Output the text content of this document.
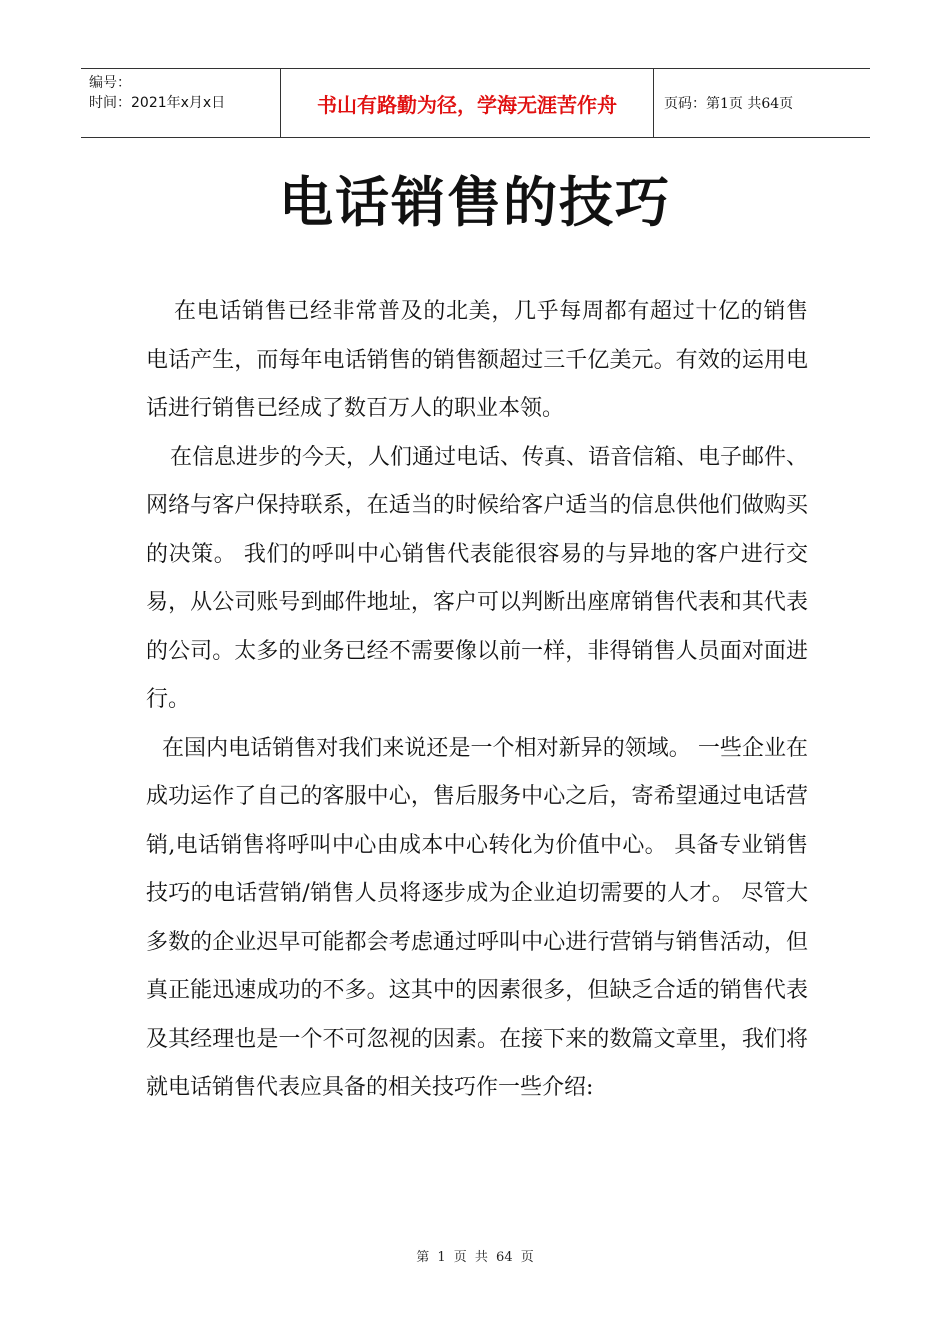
编号：
时间：2021年x月x日	书山有路勤为径，学海无涯苦作舟	页码：第1页 共64页
电话销售的技巧

在电话销售已经非常普及的北美，几乎每周都有超过十亿的销售电话产生，而每年电话销售的销售额超过三千亿美元。有效的运用电话进行销售已经成了数百万人的职业本领。

在信息进步的今天，人们通过电话、传真、语音信箱、电子邮件、网络与客户保持联系，在适当的时候给客户适当的信息供他们做购买的决策。 我们的呼叫中心销售代表能很容易的与异地的客户进行交易，从公司账号到邮件地址，客户可以判断出座席销售代表和其代表的公司。太多的业务已经不需要像以前一样，非得销售人员面对面进行。

在国内电话销售对我们来说还是一个相对新异的领域。 一些企业在成功运作了自己的客服中心，售后服务中心之后，寄希望通过电话营销,电话销售将呼叫中心由成本中心转化为价值中心。 具备专业销售技巧的电话营销/销售人员将逐步成为企业迫切需要的人才。 尽管大多数的企业迟早可能都会考虑通过呼叫中心进行营销与销售活动，但真正能迅速成功的不多。这其中的因素很多，但缺乏合适的销售代表及其经理也是一个不可忽视的因素。在接下来的数篇文章里，我们将就电话销售代表应具备的相关技巧作一些介绍:

第 1 页 共 64 页
